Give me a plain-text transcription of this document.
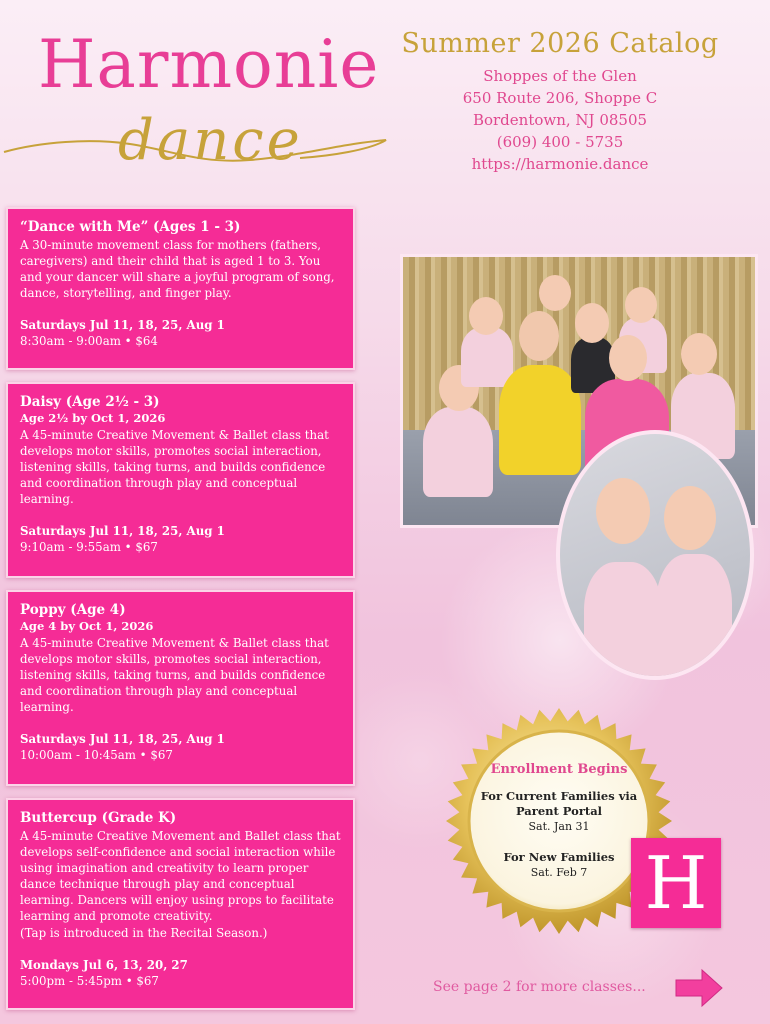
Harmonie
dance
Summer 2026 Catalog
Shoppes of the Glen
650 Route 206, Shoppe C
Bordentown, NJ 08505
(609) 400 - 5735
https://harmonie.dance
“Dance with Me” (Ages 1 - 3)
A 30-minute movement class for mothers (fathers, caregivers) and their child that is aged 1 to 3. You and your dancer will share a joyful program of song, dance, storytelling, and finger play.
Saturdays Jul 11, 18, 25, Aug 1
8:30am - 9:00am • $64
Daisy (Age 2½ - 3)
Age 2½ by Oct 1, 2026
A 45-minute Creative Movement & Ballet class that develops motor skills, promotes social interaction, listening skills, taking turns, and builds confidence and coordination through play and conceptual learning.
Saturdays Jul 11, 18, 25, Aug 1
9:10am - 9:55am • $67
Poppy (Age 4)
Age 4 by Oct 1, 2026
A 45-minute Creative Movement & Ballet class that develops motor skills, promotes social interaction, listening skills, taking turns, and builds confidence and coordination through play and conceptual learning.
Saturdays Jul 11, 18, 25, Aug 1
10:00am - 10:45am • $67
Buttercup (Grade K)
A 45-minute Creative Movement and Ballet class that develops self-confidence and social interaction while using imagination and creativity to learn proper dance technique through play and conceptual learning. Dancers will enjoy using props to facilitate learning and promote creativity.
(Tap is introduced in the Recital Season.)
Mondays Jul 6, 13, 20, 27
5:00pm - 5:45pm • $67
Enrollment Begins
For Current Families via
Parent Portal
Sat. Jan 31
For New Families
Sat. Feb 7 H
See page 2 for more classes...
